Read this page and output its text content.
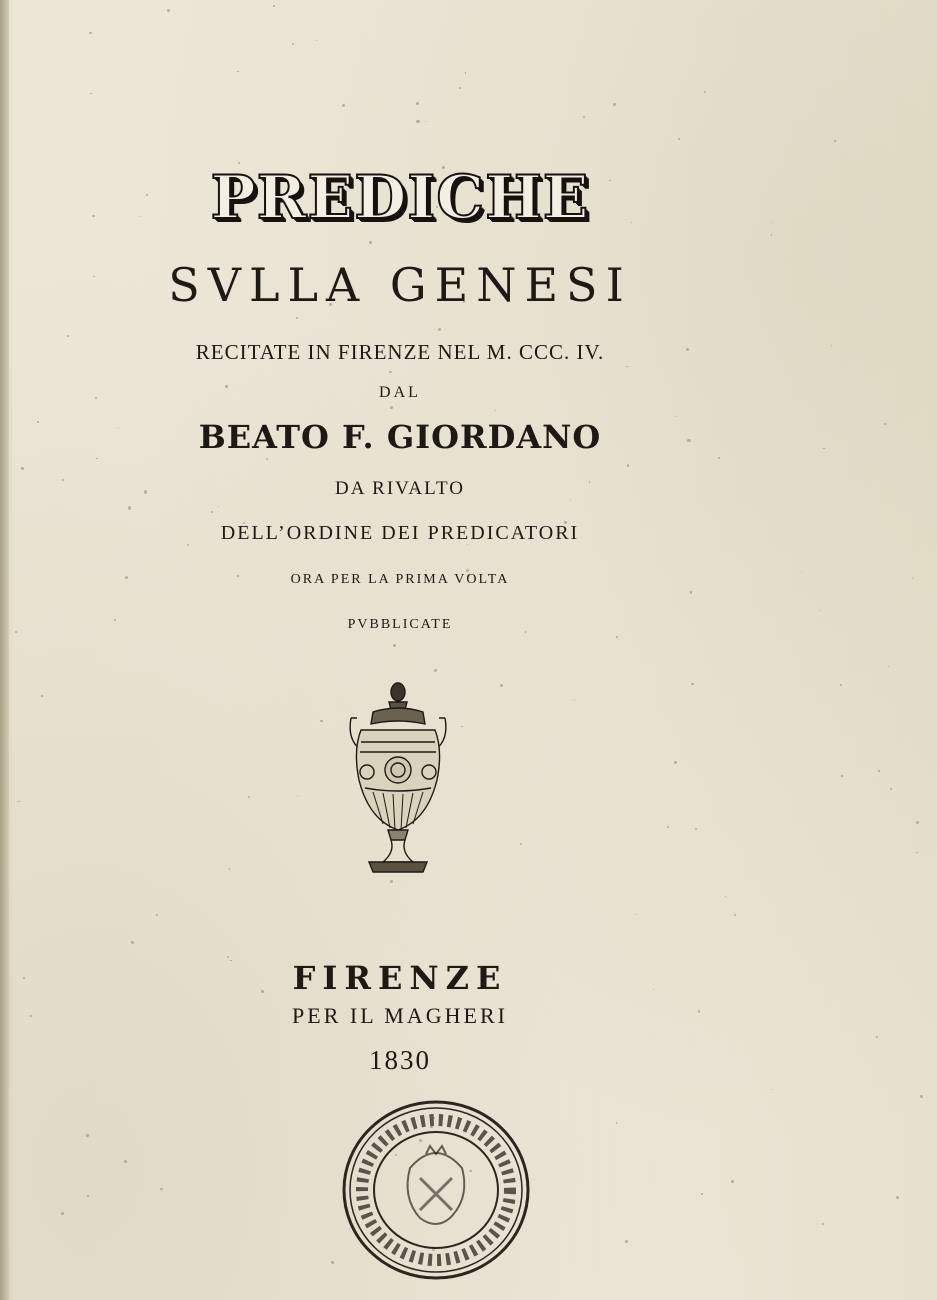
PREDICHE
SVLLA GENESI
RECITATE IN FIRENZE NEL M. CCC. IV.
DAL
BEATO F. GIORDANO
DA RIVALTO
DELL’ORDINE DEI PREDICATORI
ORA PER LA PRIMA VOLTA
PVBBLICATE
FIRENZE
PER IL MAGHERI
1830
